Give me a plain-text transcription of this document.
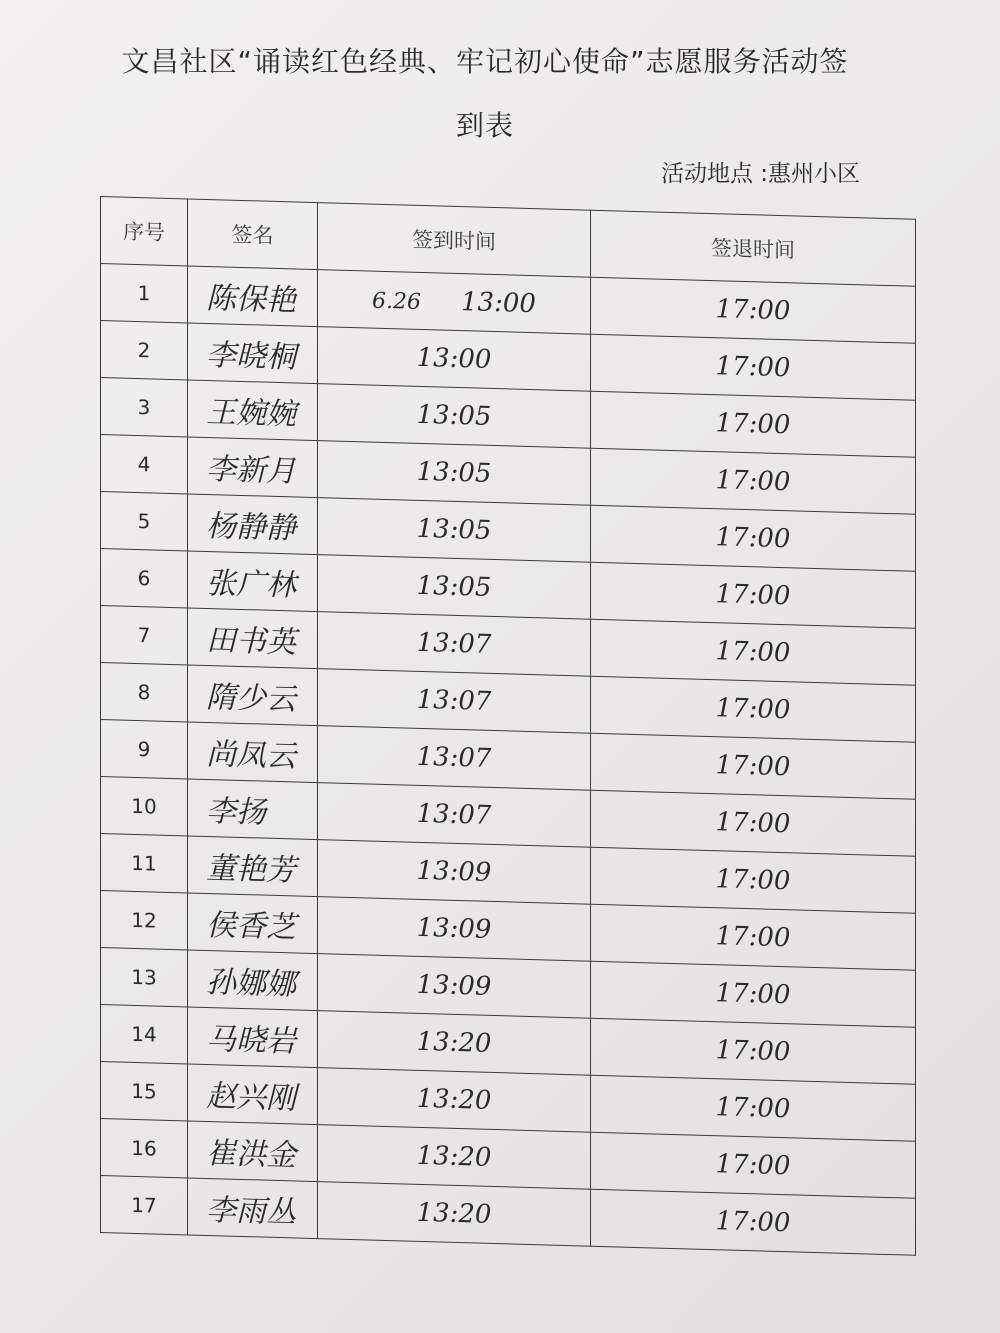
文昌社区“诵读红色经典、牢记初心使命”志愿服务活动签
到表
活动地点 :惠州小区
序号	签名	签到时间	签退时间
1	陈保艳	6.26 13:00	17:00
2	李晓桐	13:00	17:00
3	王婉婉	13:05	17:00
4	李新月	13:05	17:00
5	杨静静	13:05	17:00
6	张广林	13:05	17:00
7	田书英	13:07	17:00
8	隋少云	13:07	17:00
9	尚凤云	13:07	17:00
10	李扬	13:07	17:00
11	董艳芳	13:09	17:00
12	侯香芝	13:09	17:00
13	孙娜娜	13:09	17:00
14	马晓岩	13:20	17:00
15	赵兴刚	13:20	17:00
16	崔洪金	13:20	17:00
17	李雨丛	13:20	17:00
